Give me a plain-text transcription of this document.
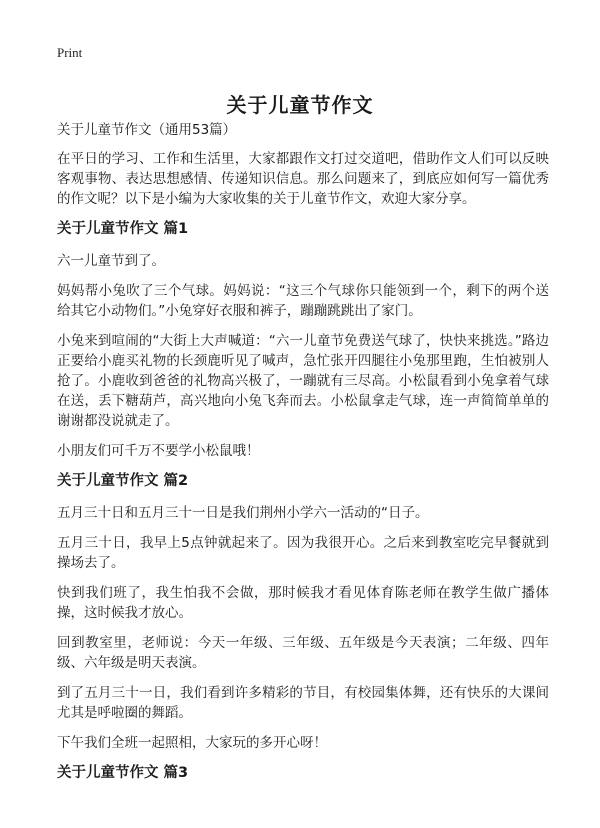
Print
关于儿童节作文
关于儿童节作文（通用53篇）

在平日的学习、工作和生活里，大家都跟作文打过交道吧，借助作文人们可以反映客观事物、表达思想感情、传递知识信息。那么问题来了，到底应如何写一篇优秀的作文呢？以下是小编为大家收集的关于儿童节作文，欢迎大家分享。

关于儿童节作文 篇1

六一儿童节到了。

妈妈帮小兔吹了三个气球。妈妈说：“这三个气球你只能领到一个，剩下的两个送给其它小动物们。”小兔穿好衣服和裤子，蹦蹦跳跳出了家门。

小兔来到喧闹的“大街上大声喊道：“六一儿童节免费送气球了，快快来挑选。”路边正要给小鹿买礼物的长颈鹿听见了喊声，急忙张开四腿往小兔那里跑，生怕被别人抢了。小鹿收到爸爸的礼物高兴极了，一蹦就有三尽高。小松鼠看到小兔拿着气球在送，丢下糖葫芦，高兴地向小兔飞奔而去。小松鼠拿走气球，连一声简简单单的谢谢都没说就走了。

小朋友们可千万不要学小松鼠哦！

关于儿童节作文 篇2

五月三十日和五月三十一日是我们荆州小学六一活动的“日子。

五月三十日，我早上5点钟就起来了。因为我很开心。之后来到教室吃完早餐就到操场去了。

快到我们班了，我生怕我不会做，那时候我才看见体育陈老师在教学生做广播体操，这时候我才放心。

回到教室里，老师说：今天一年级、三年级、五年级是今天表演；二年级、四年级、六年级是明天表演。

到了五月三十一日，我们看到许多精彩的节目，有校园集体舞，还有快乐的大课间尤其是呼啦圈的舞蹈。

下午我们全班一起照相，大家玩的多开心呀！

关于儿童节作文 篇3
